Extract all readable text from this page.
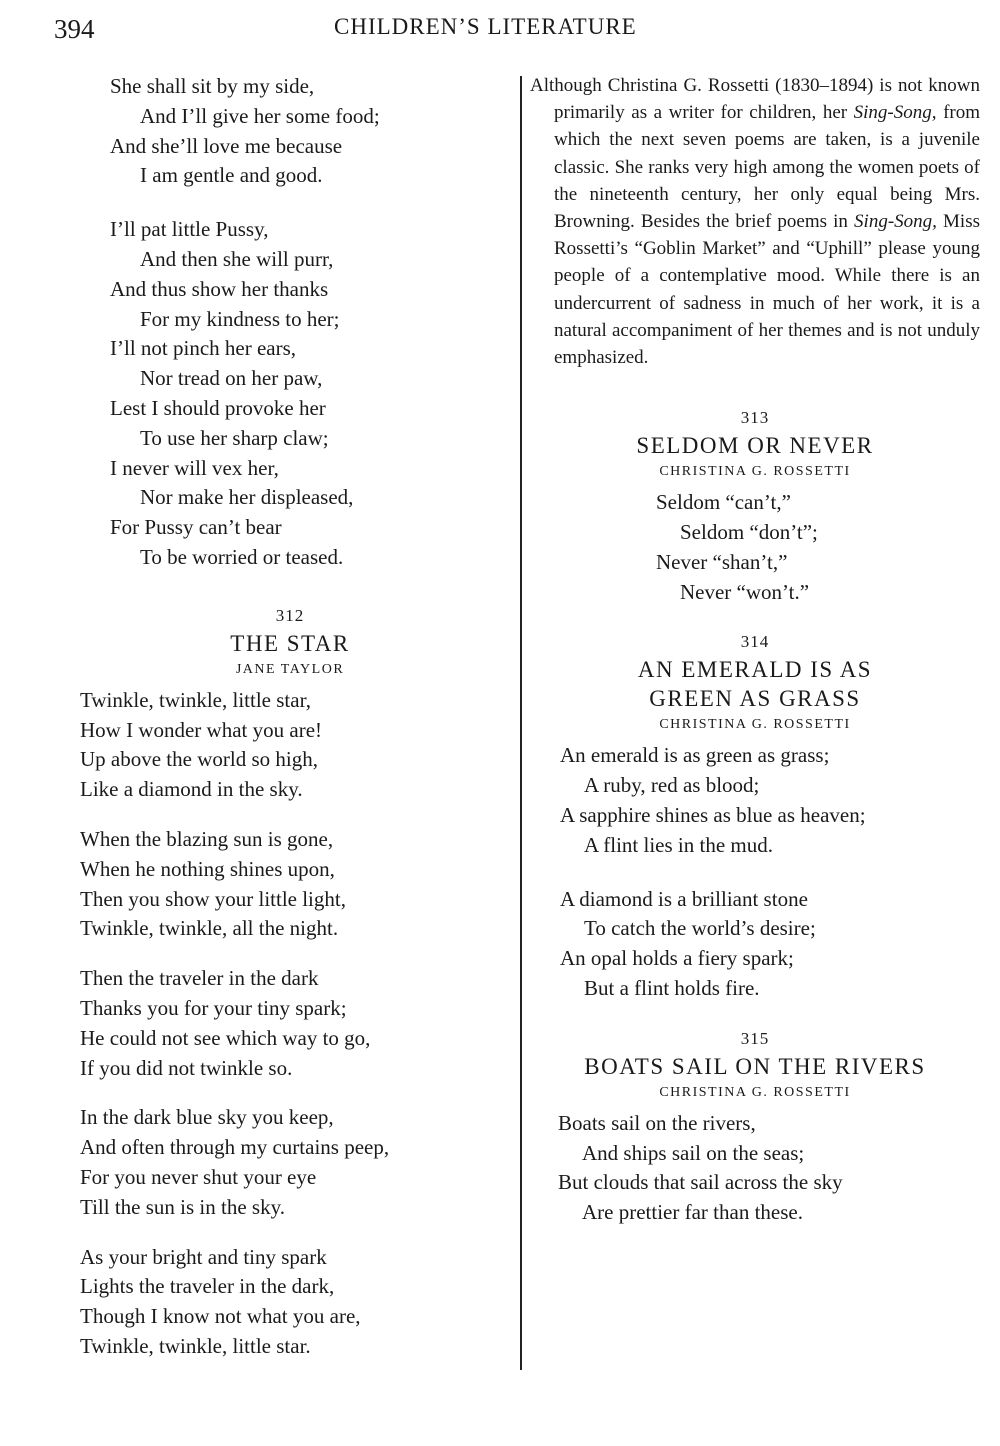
394	CHILDREN’S LITERATURE
She shall sit by my side,
And I’ll give her some food;
And she’ll love me because
I am gentle and good.
I’ll pat little Pussy,
And then she will purr,
And thus show her thanks
For my kindness to her;
I’ll not pinch her ears,
Nor tread on her paw,
Lest I should provoke her
To use her sharp claw;
I never will vex her,
Nor make her displeased,
For Pussy can’t bear
To be worried or teased.
312
THE STAR
JANE TAYLOR
Twinkle, twinkle, little star,
How I wonder what you are!
Up above the world so high,
Like a diamond in the sky.
When the blazing sun is gone,
When he nothing shines upon,
Then you show your little light,
Twinkle, twinkle, all the night.
Then the traveler in the dark
Thanks you for your tiny spark;
He could not see which way to go,
If you did not twinkle so.
In the dark blue sky you keep,
And often through my curtains peep,
For you never shut your eye
Till the sun is in the sky.
As your bright and tiny spark
Lights the traveler in the dark,
Though I know not what you are,
Twinkle, twinkle, little star.

Although Christina G. Rossetti (1830–1894) is not known primarily as a writer for children, her Sing-Song, from which the next seven poems are taken, is a juvenile classic. She ranks very high among the women poets of the nineteenth century, her only equal being Mrs. Browning. Besides the brief poems in Sing-Song, Miss Rossetti’s “Goblin Market” and “Uphill” please young people of a contemplative mood. While there is an undercurrent of sadness in much of her work, it is a natural accompaniment of her themes and is not unduly emphasized.

313
SELDOM OR NEVER
CHRISTINA G. ROSSETTI
Seldom “can’t,”
Seldom “don’t”;
Never “shan’t,”
Never “won’t.”
314
AN EMERALD IS AS
GREEN AS GRASS
CHRISTINA G. ROSSETTI
An emerald is as green as grass;
A ruby, red as blood;
A sapphire shines as blue as heaven;
A flint lies in the mud.
A diamond is a brilliant stone
To catch the world’s desire;
An opal holds a fiery spark;
But a flint holds fire.
315
BOATS SAIL ON THE RIVERS
CHRISTINA G. ROSSETTI
Boats sail on the rivers,
And ships sail on the seas;
But clouds that sail across the sky
Are prettier far than these.
